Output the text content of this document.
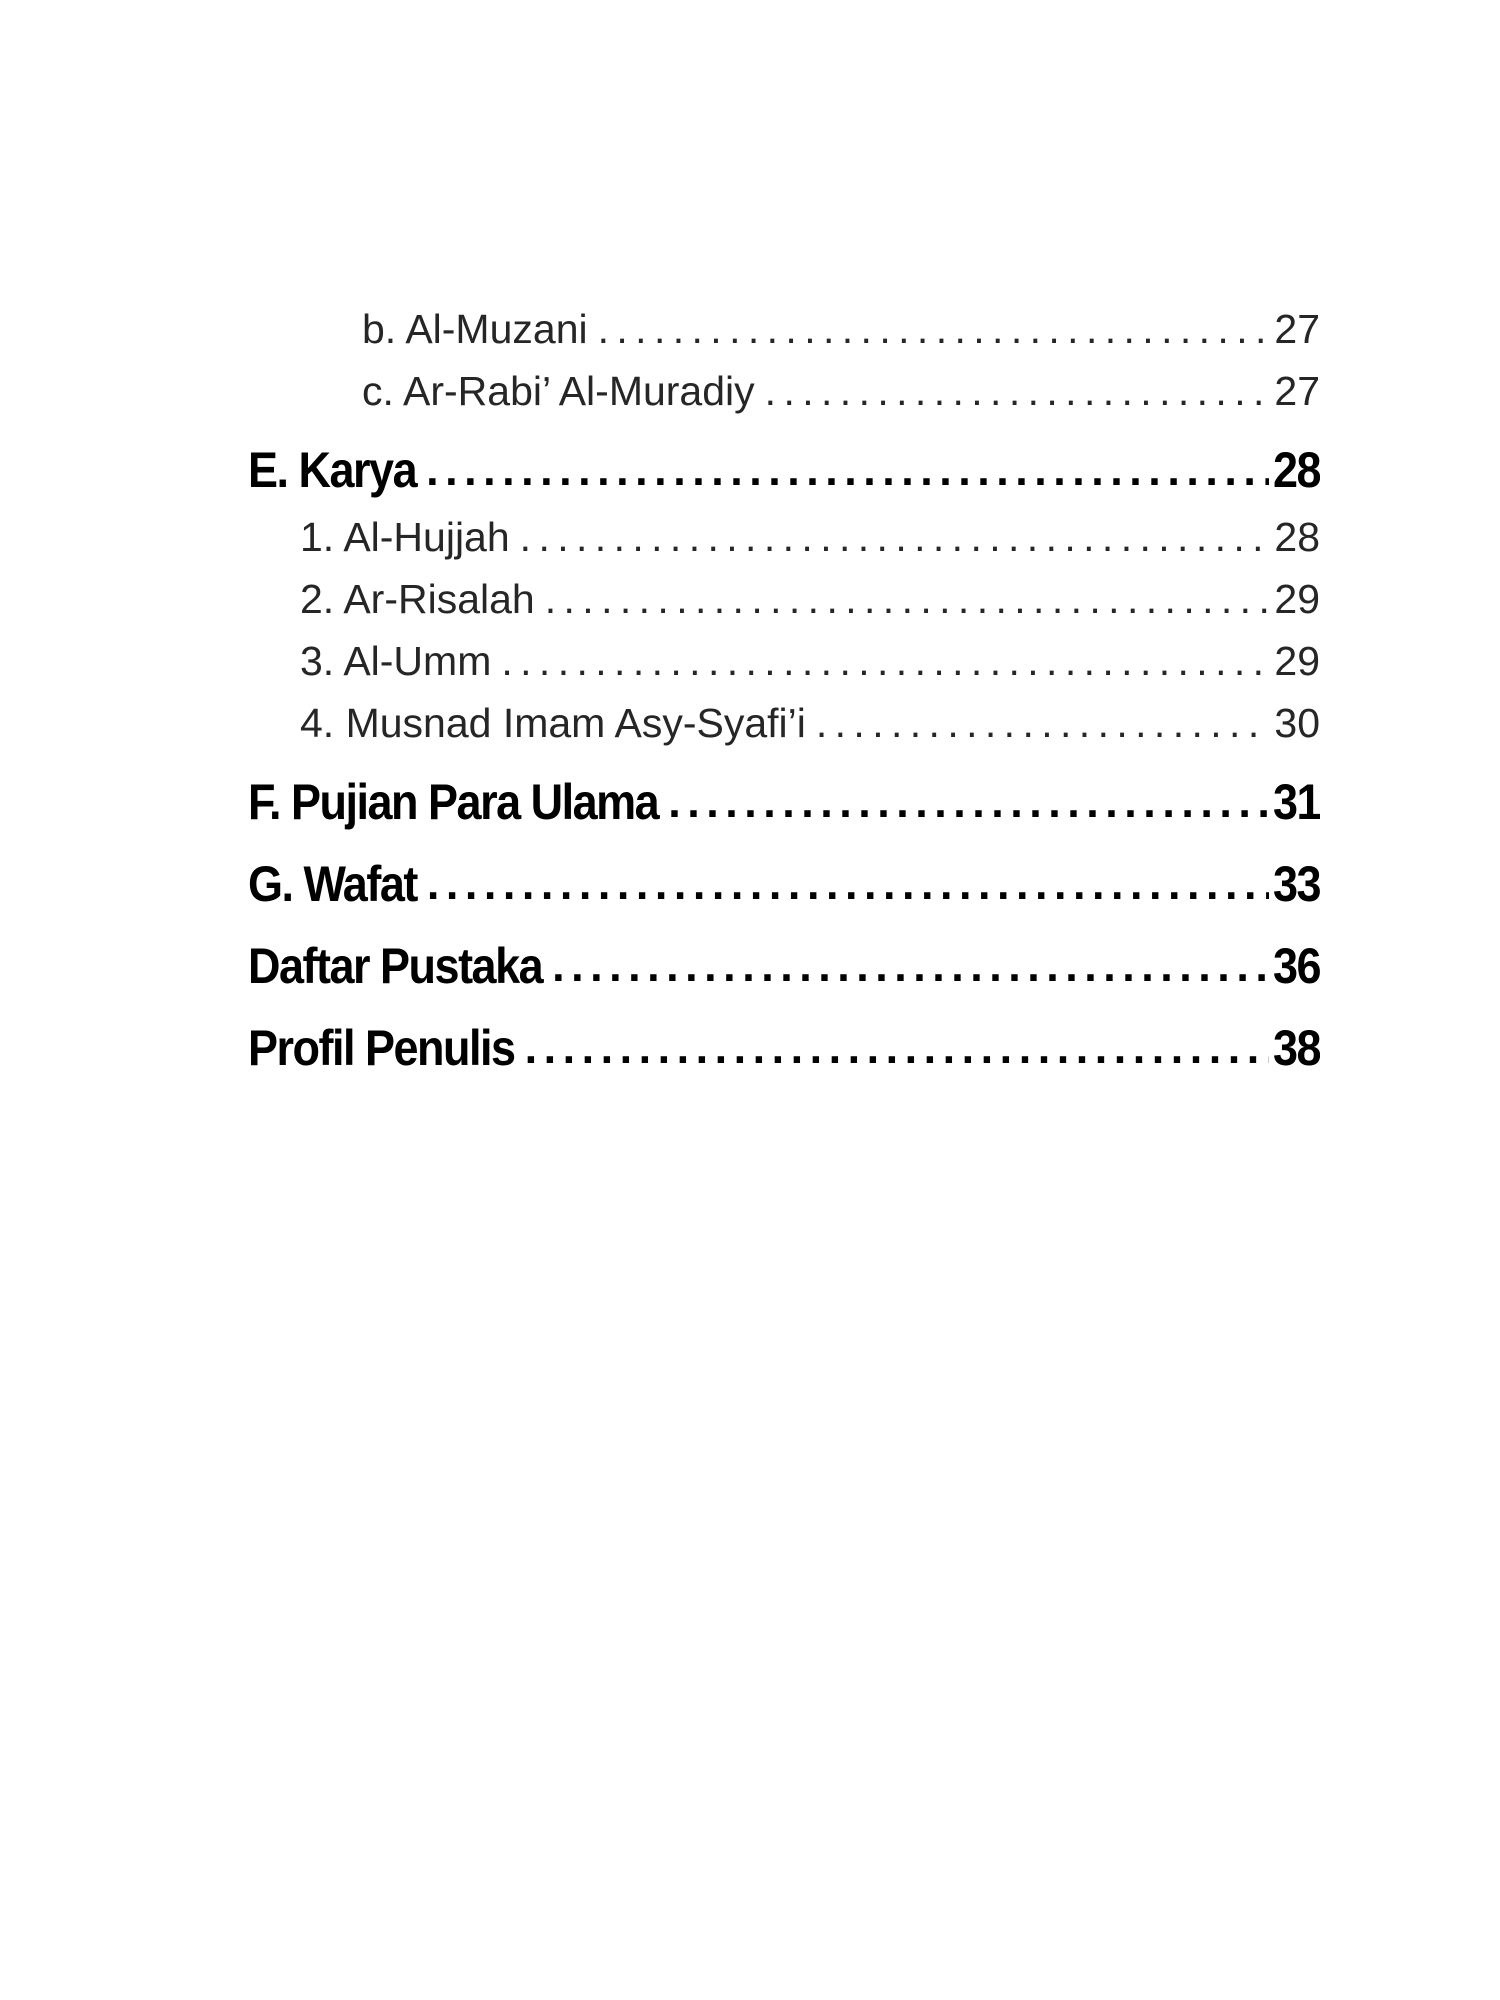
b. Al-Muzani . . .	27
c. Ar-Rabi’ Al-Muradiy . . .	27
E. Karya . . .	28
1. Al-Hujjah . . .	28
2. Ar-Risalah . . .	29
3. Al-Umm . . .	29
4. Musnad Imam Asy-Syafi’i . . .	30
F. Pujian Para Ulama . . .	31
G. Wafat . . .	33
Daftar Pustaka . . .	36
Profil Penulis . . .	38
